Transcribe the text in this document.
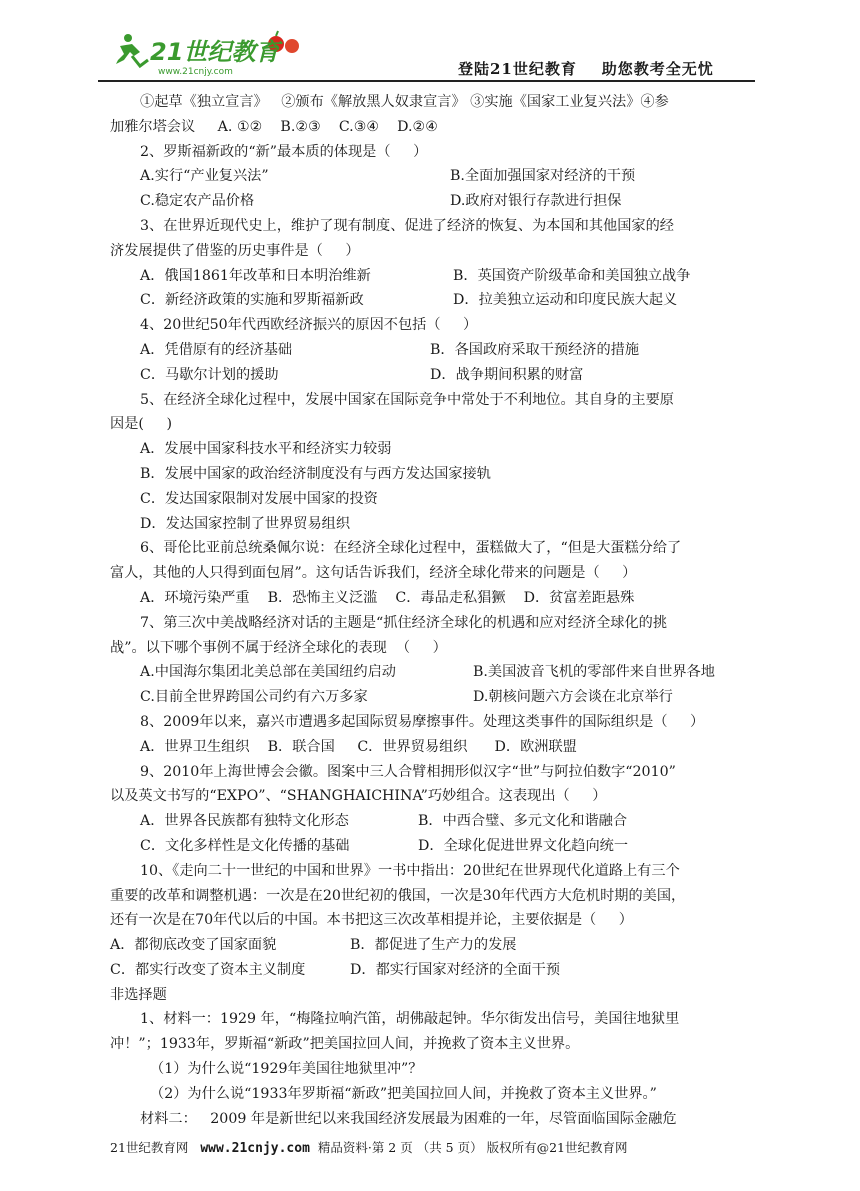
21世纪教育
www.21cnjy.com	登陆21世纪教育    助您教考全无忧
①起草《独立宣言》   ②颁布《解放黑人奴隶宣言》 ③实施《国家工业复兴法》④参
加雅尔塔会议     A. ①②    B.②③    C.③④    D.②④
2、罗斯福新政的“新”最本质的体现是（     ）
A.实行“产业复兴法”	B.全面加强国家对经济的干预
C.稳定农产品价格	D.政府对银行存款进行担保
3、在世界近现代史上，维护了现有制度、促进了经济的恢复、为本国和其他国家的经
济发展提供了借鉴的历史事件是（     ）
A．俄国1861年改革和日本明治维新	B．英国资产阶级革命和美国独立战争
C．新经济政策的实施和罗斯福新政	D．拉美独立运动和印度民族大起义
4、20世纪50年代西欧经济振兴的原因不包括（     ）
A．凭借原有的经济基础	B．各国政府采取干预经济的措施
C．马歇尔计划的援助	D．战争期间积累的财富
5、在经济全球化过程中，发展中国家在国际竞争中常处于不利地位。其自身的主要原
因是(     )
A．发展中国家科技水平和经济实力较弱
B．发展中国家的政治经济制度没有与西方发达国家接轨
C．发达国家限制对发展中国家的投资
D．发达国家控制了世界贸易组织
6、哥伦比亚前总统桑佩尔说：在经济全球化过程中，蛋糕做大了，“但是大蛋糕分给了
富人，其他的人只得到面包屑”。这句话告诉我们，经济全球化带来的问题是（     ）
A．环境污染严重    B．恐怖主义泛滥    C．毒品走私猖獗    D．贫富差距悬殊
7、第三次中美战略经济对话的主题是“抓住经济全球化的机遇和应对经济全球化的挑
战”。以下哪个事例不属于经济全球化的表现  （     ）
A.中国海尔集团北美总部在美国纽约启动	B.美国波音飞机的零部件来自世界各地
C.目前全世界跨国公司约有六万多家	D.朝核问题六方会谈在北京举行
8、2009年以来，嘉兴市遭遇多起国际贸易摩擦事件。处理这类事件的国际组织是（     ）
A．世界卫生组织    B．联合国     C．世界贸易组织      D．欧洲联盟
9、2010年上海世博会会徽。图案中三人合臂相拥形似汉字“世”与阿拉伯数字“2010”
以及英文书写的“EXPO”、“SHANGHAICHINA”巧妙组合。这表现出（     ）
A．世界各民族都有独特文化形态	B．中西合璧、多元文化和谐融合
C．文化多样性是文化传播的基础	D．全球化促进世界文化趋向统一
10、《走向二十一世纪的中国和世界》一书中指出：20世纪在世界现代化道路上有三个
重要的改革和调整机遇：一次是在20世纪初的俄国，一次是30年代西方大危机时期的美国，
还有一次是在70年代以后的中国。本书把这三次改革相提并论，主要依据是（     ）
A．都彻底改变了国家面貌	B．都促进了生产力的发展
C．都实行改变了资本主义制度	D．都实行国家对经济的全面干预
非选择题
1、材料一：1929 年，“梅隆拉响汽笛，胡佛敲起钟。华尔街发出信号，美国往地狱里
冲！”；1933年，罗斯福“新政”把美国拉回人间，并挽救了资本主义世界。
（1）为什么说“1929年美国往地狱里冲”？
（2）为什么说“1933年罗斯福“新政”把美国拉回人间，并挽救了资本主义世界。”
材料二：   2009 年是新世纪以来我国经济发展最为困难的一年，尽管面临国际金融危
21世纪教育网 www.21cnjy.com 精品资料·第 2 页 （共 5 页） 版权所有@21世纪教育网
